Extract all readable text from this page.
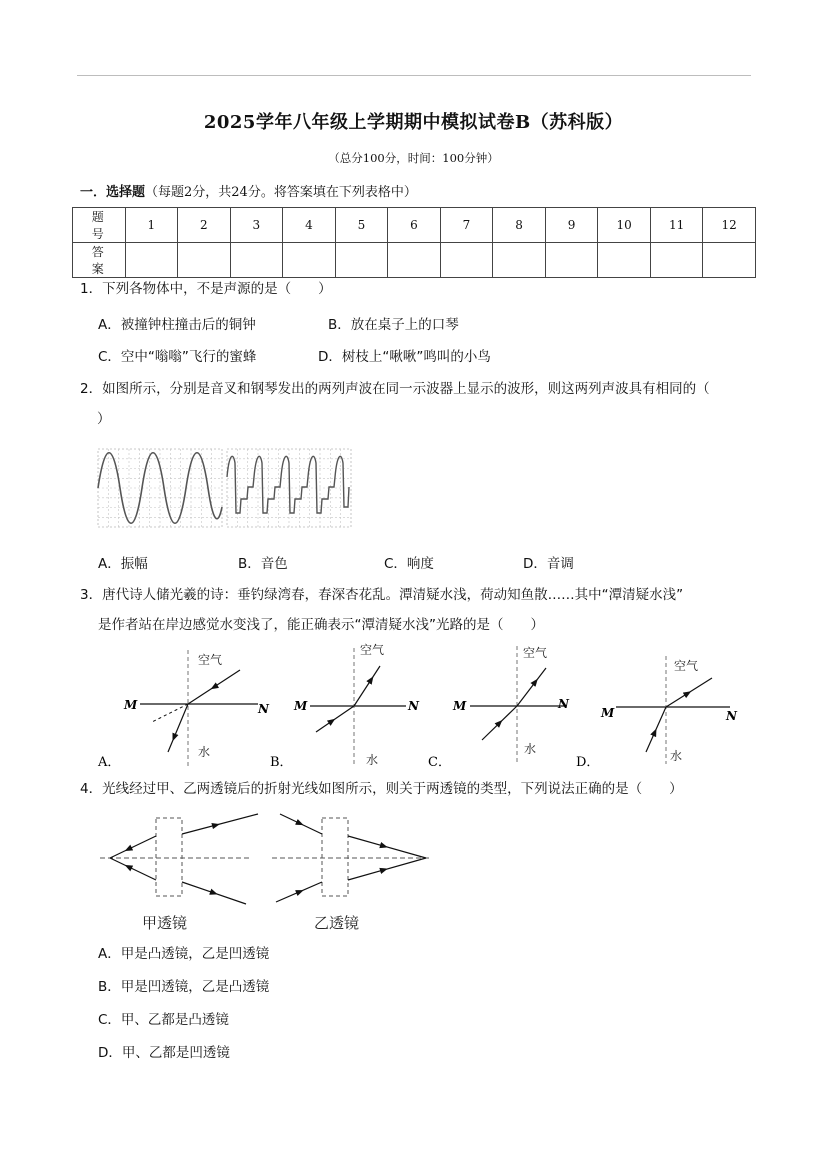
2025学年八年级上学期期中模拟试卷B（苏科版）
（总分100分，时间：100分钟）
一．选择题（每题2分，共24分。将答案填在下列表格中）
题号	1	2	3	4	5	6	7	8	9	10	11	12
答案												
1．下列各物体中，不是声源的是（　　）
A．被撞钟柱撞击后的铜钟	B．放在桌子上的口琴
C．空中“嗡嗡”飞行的蜜蜂	D．树枝上“啾啾”鸣叫的小鸟
2．如图所示，分别是音叉和钢琴发出的两列声波在同一示波器上显示的波形，则这两列声波具有相同的（
）
A．振幅	B．音色	C．响度	D．音调
3．唐代诗人储光羲的诗：垂钓绿湾春，春深杏花乱。潭清疑水浅，荷动知鱼散……其中“潭清疑水浅”
是作者站在岸边感觉水变浅了，能正确表示“潭清疑水浅”光路的是（　　）
空气
水
M	N
A．
空气
水
M	N
B．
空气
水
M	N
C．
空气
水
M	N
D．
4．光线经过甲、乙两透镜后的折射光线如图所示，则关于两透镜的类型，下列说法正确的是（　　）
甲透镜	乙透镜
A．甲是凸透镜，乙是凹透镜
B．甲是凹透镜，乙是凸透镜
C．甲、乙都是凸透镜
D．甲、乙都是凹透镜
